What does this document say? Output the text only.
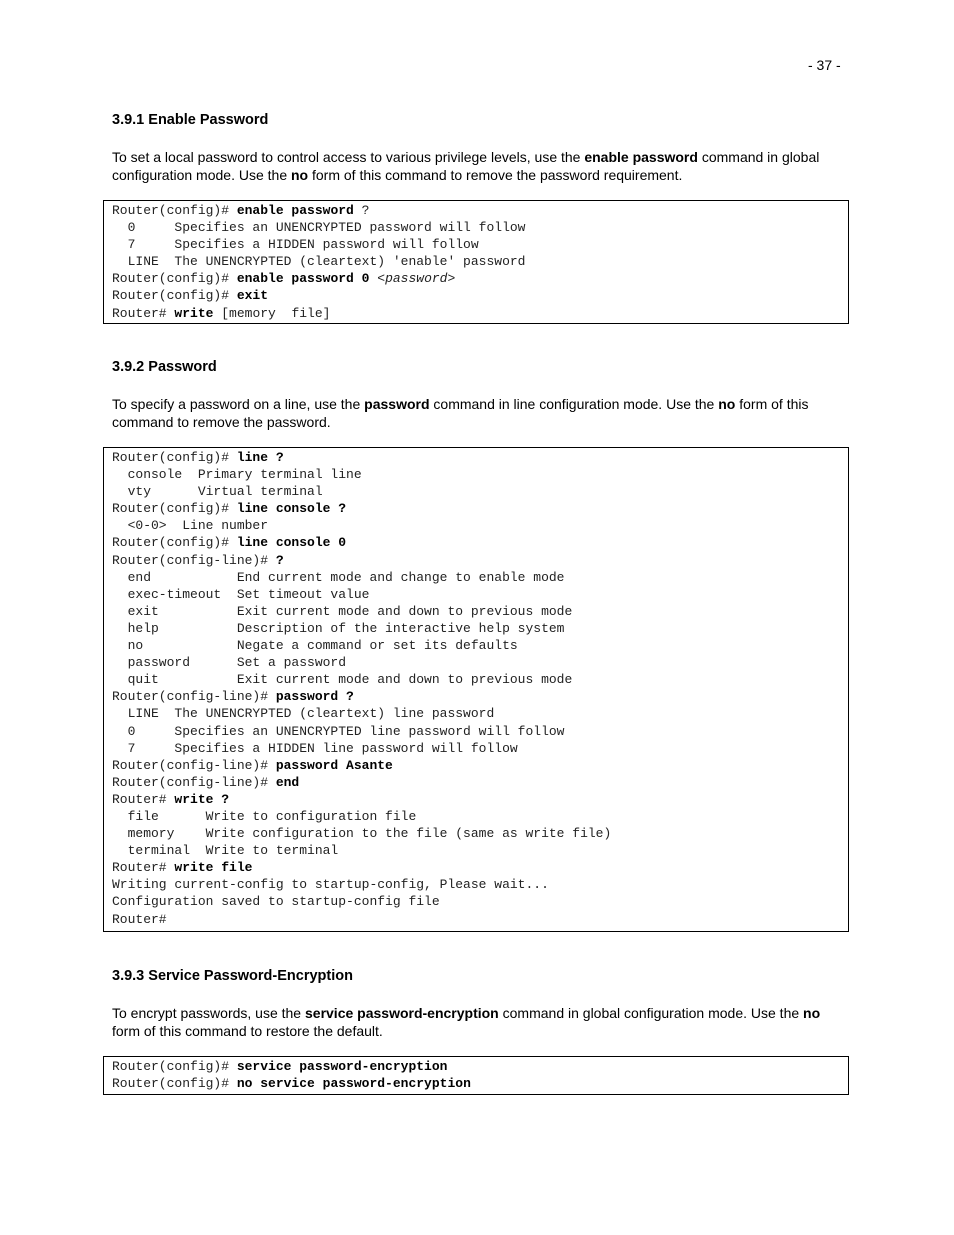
- 37 -
3.9.1 Enable Password

To set a local password to control access to various privilege levels, use the enable password command in global
configuration mode. Use the no form of this command to remove the password requirement.

Router(config)# enable password ?
0     Specifies an UNENCRYPTED password will follow
7     Specifies a HIDDEN password will follow
LINE  The UNENCRYPTED (cleartext) 'enable' password
Router(config)# enable password 0 <password>
Router(config)# exit
Router# write [memory  file]
3.9.2 Password

To specify a password on a line, use the password command in line configuration mode. Use the no form of this
command to remove the password.

Router(config)# line ?
console  Primary terminal line
vty      Virtual terminal
Router(config)# line console ?
<0-0>  Line number
Router(config)# line console 0
Router(config-line)# ?
end           End current mode and change to enable mode
exec-timeout  Set timeout value
exit          Exit current mode and down to previous mode
help          Description of the interactive help system
no            Negate a command or set its defaults
password      Set a password
quit          Exit current mode and down to previous mode
Router(config-line)# password ?
LINE  The UNENCRYPTED (cleartext) line password
0     Specifies an UNENCRYPTED line password will follow
7     Specifies a HIDDEN line password will follow
Router(config-line)# password Asante
Router(config-line)# end
Router# write ?
file      Write to configuration file
memory    Write configuration to the file (same as write file)
terminal  Write to terminal
Router# write file
Writing current-config to startup-config, Please wait...
Configuration saved to startup-config file
Router#
3.9.3 Service Password-Encryption

To encrypt passwords, use the service password-encryption command in global configuration mode. Use the no
form of this command to restore the default.

Router(config)# service password-encryption
Router(config)# no service password-encryption
